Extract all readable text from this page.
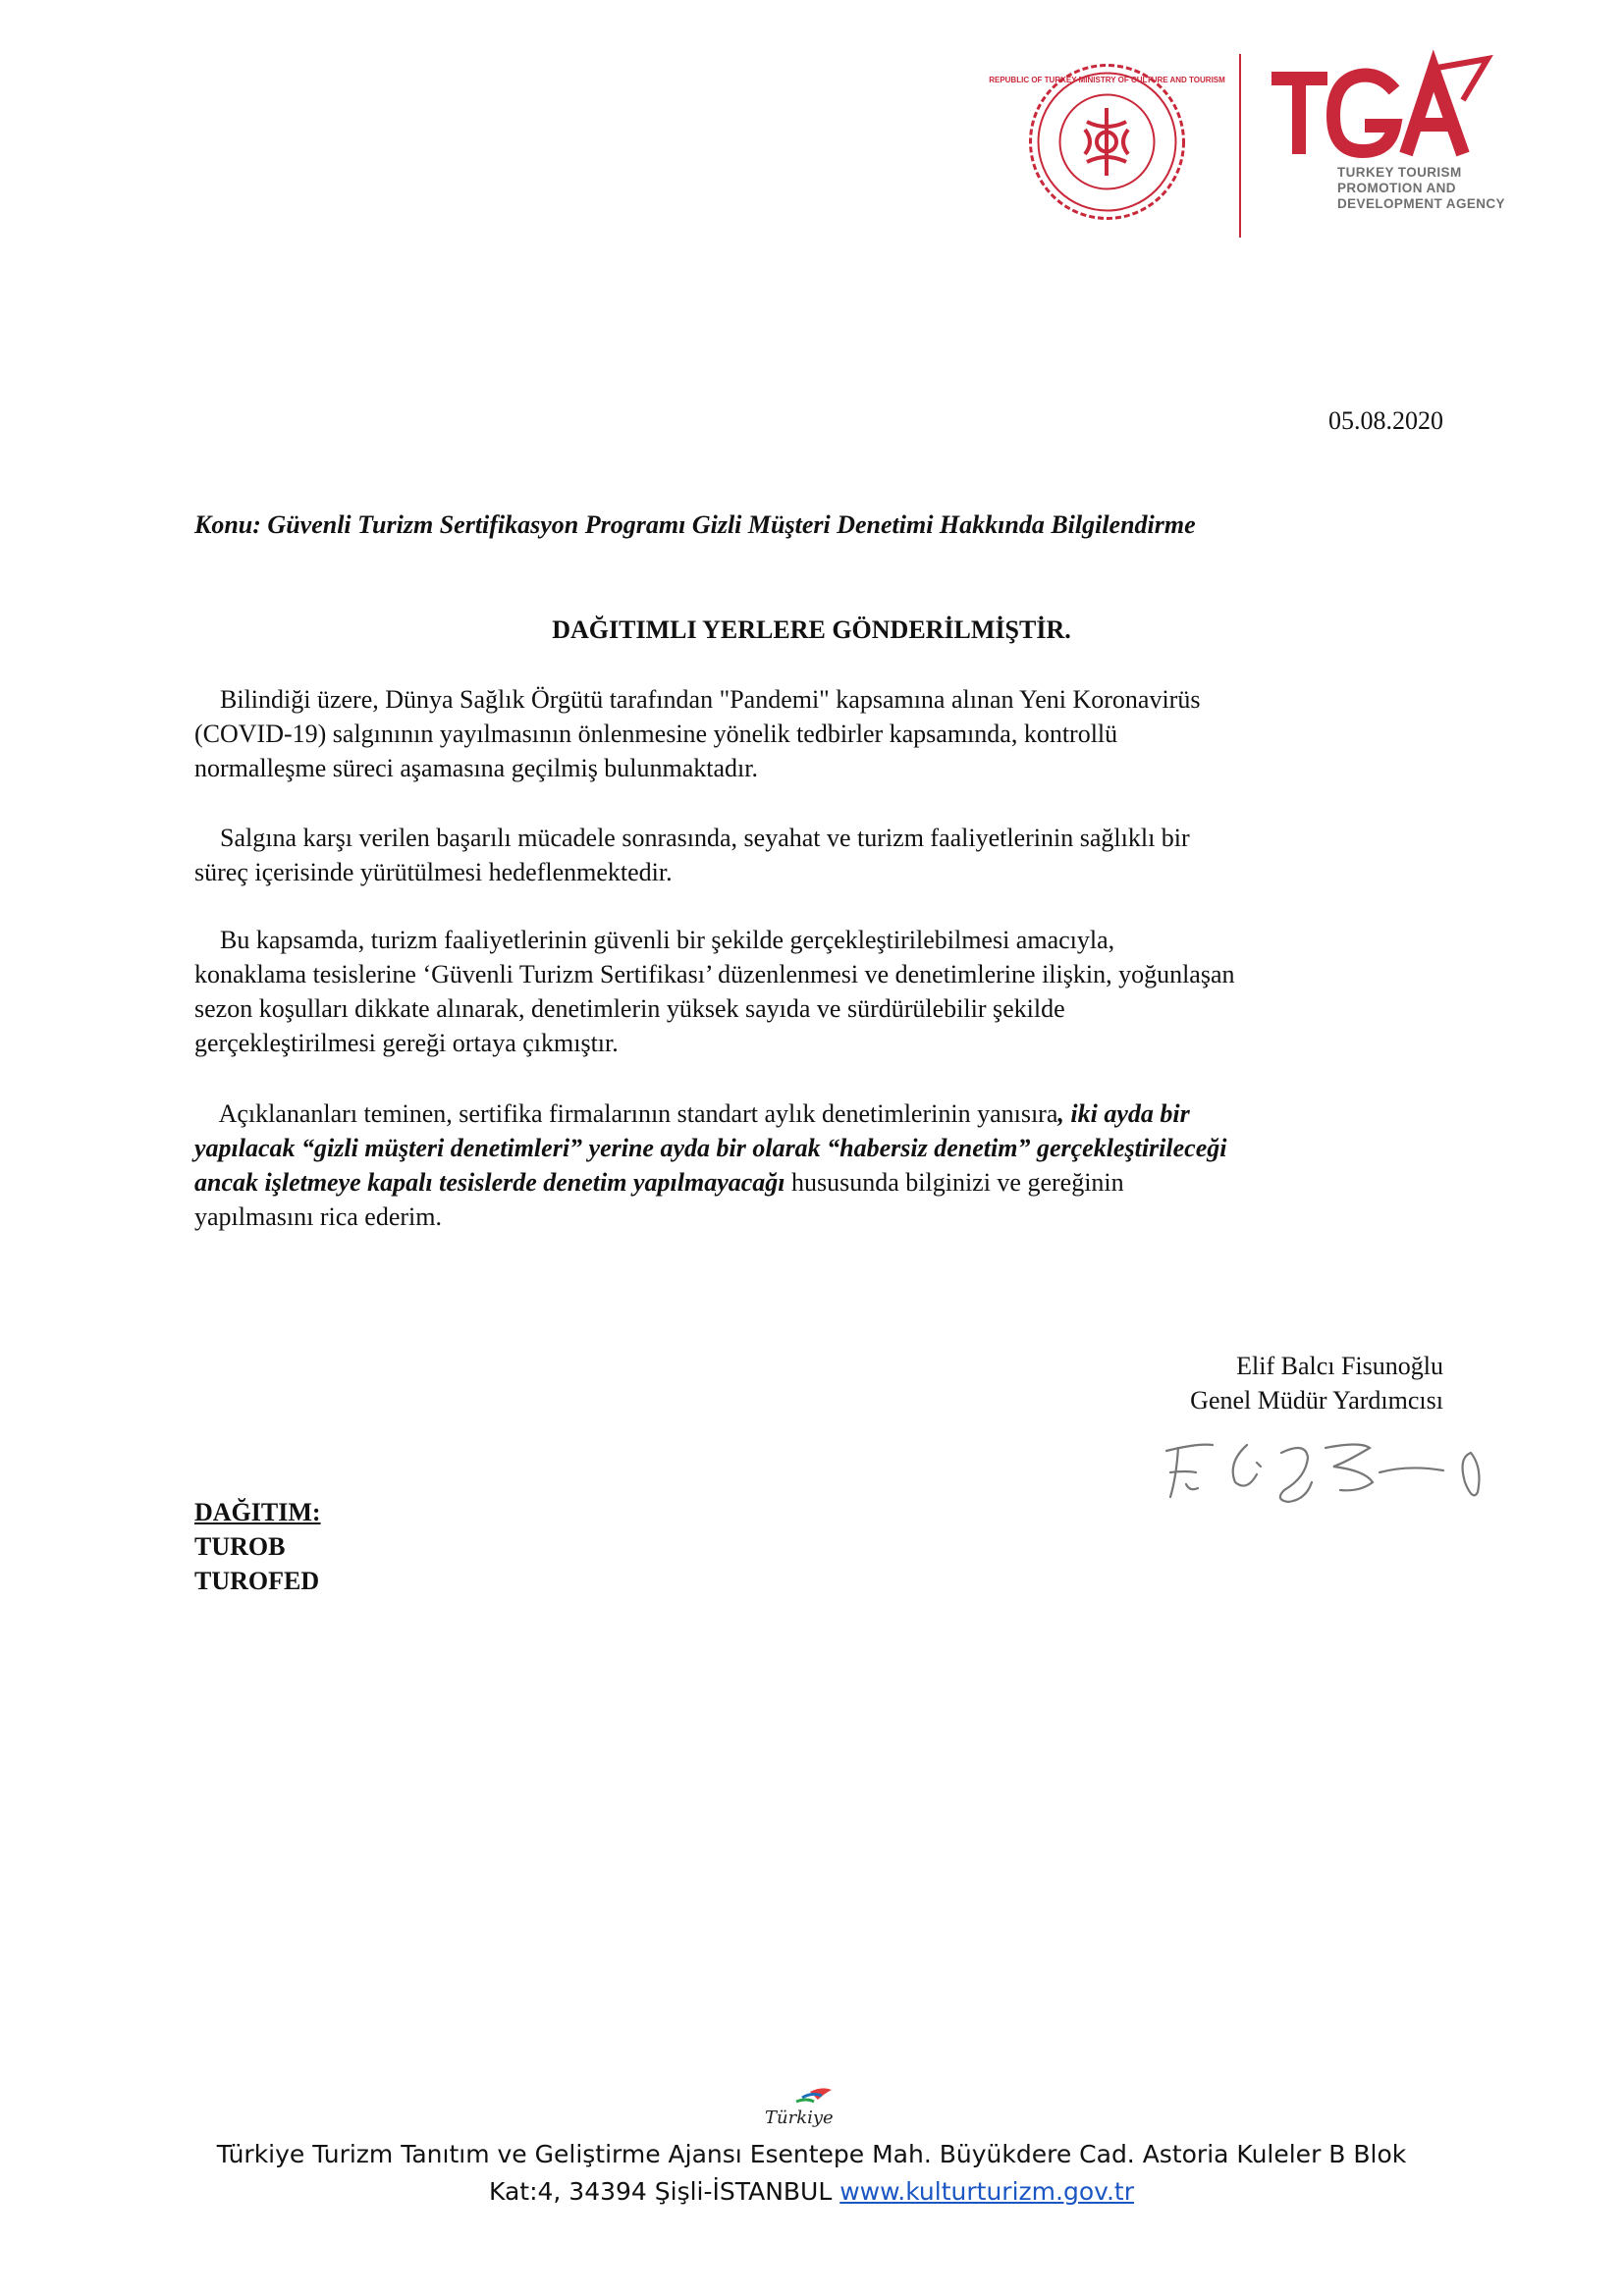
REPUBLIC OF TURKEY MINISTRY OF CULTURE AND TOURISM
TGA
TURKEY TOURISM
PROMOTION AND
DEVELOPMENT AGENCY
05.08.2020
Konu: Güvenli Turizm Sertifikasyon Programı Gizli Müşteri Denetimi Hakkında Bilgilendirme
DAĞITIMLI YERLERE GÖNDERİLMİŞTİR.
Bilindiği üzere, Dünya Sağlık Örgütü tarafından "Pandemi" kapsamına alınan Yeni Koronavirüs
(COVID-19) salgınının yayılmasının önlenmesine yönelik tedbirler kapsamında, kontrollü
normalleşme süreci aşamasına geçilmiş bulunmaktadır.
Salgına karşı verilen başarılı mücadele sonrasında, seyahat ve turizm faaliyetlerinin sağlıklı bir
süreç içerisinde yürütülmesi hedeflenmektedir.
Bu kapsamda, turizm faaliyetlerinin güvenli bir şekilde gerçekleştirilebilmesi amacıyla,
konaklama tesislerine ‘Güvenli Turizm Sertifikası’ düzenlenmesi ve denetimlerine ilişkin, yoğunlaşan
sezon koşulları dikkate alınarak, denetimlerin yüksek sayıda ve sürdürülebilir şekilde
gerçekleştirilmesi gereği ortaya çıkmıştır.
Açıklananları teminen, sertifika firmalarının standart aylık denetimlerinin yanısıra, iki ayda bir
yapılacak “gizli müşteri denetimleri” yerine ayda bir olarak “habersiz denetim” gerçekleştirileceği
ancak işletmeye kapalı tesislerde denetim yapılmayacağı hususunda bilginizi ve gereğinin
yapılmasını rica ederim.
Elif Balcı Fisunoğlu
Genel Müdür Yardımcısı
DAĞITIM:
TUROB
TUROFED
Türkiye
Türkiye Turizm Tanıtım ve Geliştirme Ajansı Esentepe Mah. Büyükdere Cad. Astoria Kuleler B Blok
Kat:4, 34394 Şişli-İSTANBUL www.kulturturizm.gov.tr
